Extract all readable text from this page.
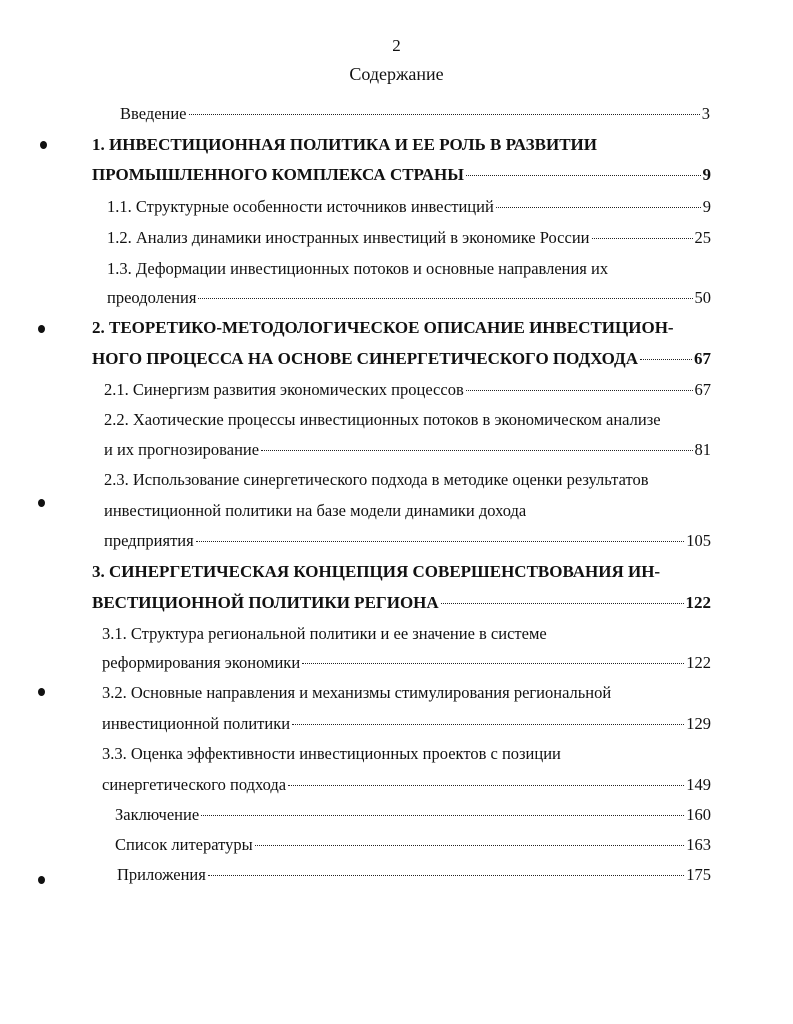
2
Содержание
Введение	3
1. ИНВЕСТИЦИОННАЯ ПОЛИТИКА И ЕЕ РОЛЬ В РАЗВИТИИ
ПРОМЫШЛЕННОГО КОМПЛЕКСА СТРАНЫ	9
1.1. Структурные особенности источников инвестиций	9
1.2. Анализ динамики иностранных инвестиций в экономике России	25
1.3. Деформации инвестиционных потоков и основные направления их
преодоления	50
2. ТЕОРЕТИКО-МЕТОДОЛОГИЧЕСКОЕ ОПИСАНИЕ ИНВЕСТИЦИОН-
НОГО ПРОЦЕССА НА ОСНОВЕ СИНЕРГЕТИЧЕСКОГО ПОДХОДА	67
2.1. Синергизм развития экономических процессов	67
2.2. Хаотические процессы инвестиционных потоков в экономическом анализе
и их прогнозирование	81
2.3. Использование синергетического подхода в методике оценки результатов
инвестиционной политики на базе модели динамики дохода
предприятия	105
3. СИНЕРГЕТИЧЕСКАЯ КОНЦЕПЦИЯ СОВЕРШЕНСТВОВАНИЯ ИН-
ВЕСТИЦИОННОЙ ПОЛИТИКИ РЕГИОНА	122
3.1. Структура региональной политики и ее значение в системе
реформирования экономики	122
3.2. Основные направления и механизмы стимулирования региональной
инвестиционной политики	129
3.3. Оценка эффективности инвестиционных проектов с позиции
синергетического подхода	149
Заключение	160
Список литературы	163
Приложения	175
